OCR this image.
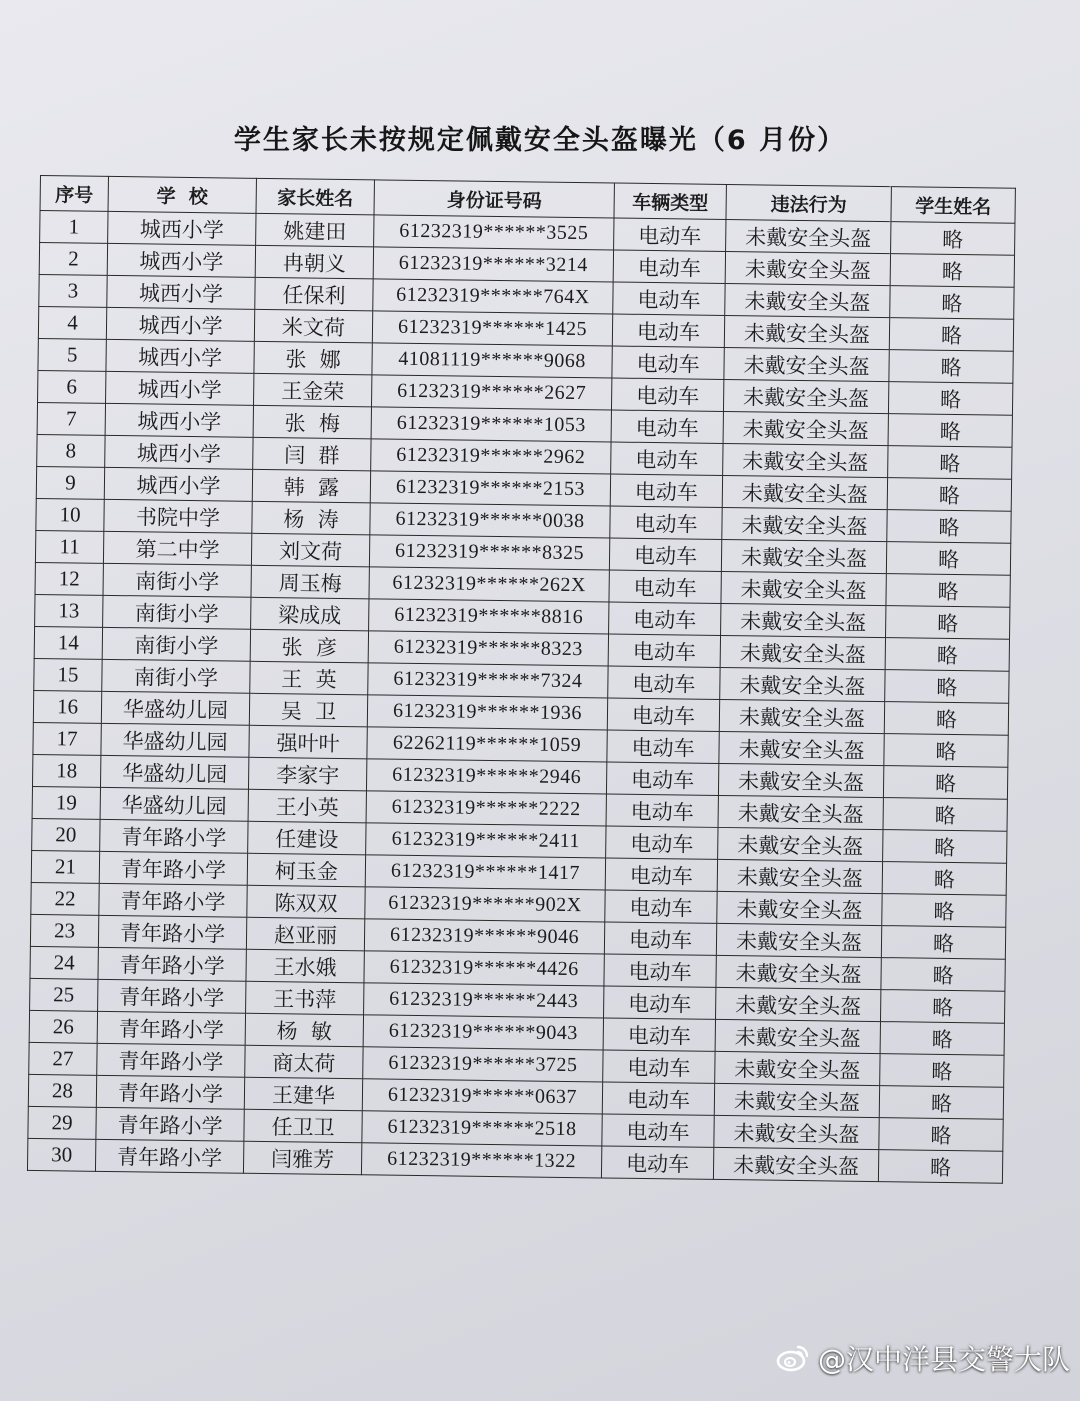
学生家长未按规定佩戴安全头盔曝光（6 月份）
序号	学  校	家长姓名	身份证号码	车辆类型	违法行为	学生姓名
1	城西小学	姚建田	61232319******3525	电动车	未戴安全头盔	略
2	城西小学	冉朝义	61232319******3214	电动车	未戴安全头盔	略
3	城西小学	任保利	61232319******764X	电动车	未戴安全头盔	略
4	城西小学	米文荷	61232319******1425	电动车	未戴安全头盔	略
5	城西小学	张  娜	41081119******9068	电动车	未戴安全头盔	略
6	城西小学	王金荣	61232319******2627	电动车	未戴安全头盔	略
7	城西小学	张  梅	61232319******1053	电动车	未戴安全头盔	略
8	城西小学	闫  群	61232319******2962	电动车	未戴安全头盔	略
9	城西小学	韩  露	61232319******2153	电动车	未戴安全头盔	略
10	书院中学	杨  涛	61232319******0038	电动车	未戴安全头盔	略
11	第二中学	刘文荷	61232319******8325	电动车	未戴安全头盔	略
12	南街小学	周玉梅	61232319******262X	电动车	未戴安全头盔	略
13	南街小学	梁成成	61232319******8816	电动车	未戴安全头盔	略
14	南街小学	张  彦	61232319******8323	电动车	未戴安全头盔	略
15	南街小学	王  英	61232319******7324	电动车	未戴安全头盔	略
16	华盛幼儿园	吴  卫	61232319******1936	电动车	未戴安全头盔	略
17	华盛幼儿园	强叶叶	62262119******1059	电动车	未戴安全头盔	略
18	华盛幼儿园	李家宇	61232319******2946	电动车	未戴安全头盔	略
19	华盛幼儿园	王小英	61232319******2222	电动车	未戴安全头盔	略
20	青年路小学	任建设	61232319******2411	电动车	未戴安全头盔	略
21	青年路小学	柯玉金	61232319******1417	电动车	未戴安全头盔	略
22	青年路小学	陈双双	61232319******902X	电动车	未戴安全头盔	略
23	青年路小学	赵亚丽	61232319******9046	电动车	未戴安全头盔	略
24	青年路小学	王水娥	61232319******4426	电动车	未戴安全头盔	略
25	青年路小学	王书萍	61232319******2443	电动车	未戴安全头盔	略
26	青年路小学	杨  敏	61232319******9043	电动车	未戴安全头盔	略
27	青年路小学	商太荷	61232319******3725	电动车	未戴安全头盔	略
28	青年路小学	王建华	61232319******0637	电动车	未戴安全头盔	略
29	青年路小学	任卫卫	61232319******2518	电动车	未戴安全头盔	略
30	青年路小学	闫雅芳	61232319******1322	电动车	未戴安全头盔	略
@汉中洋县交警大队
